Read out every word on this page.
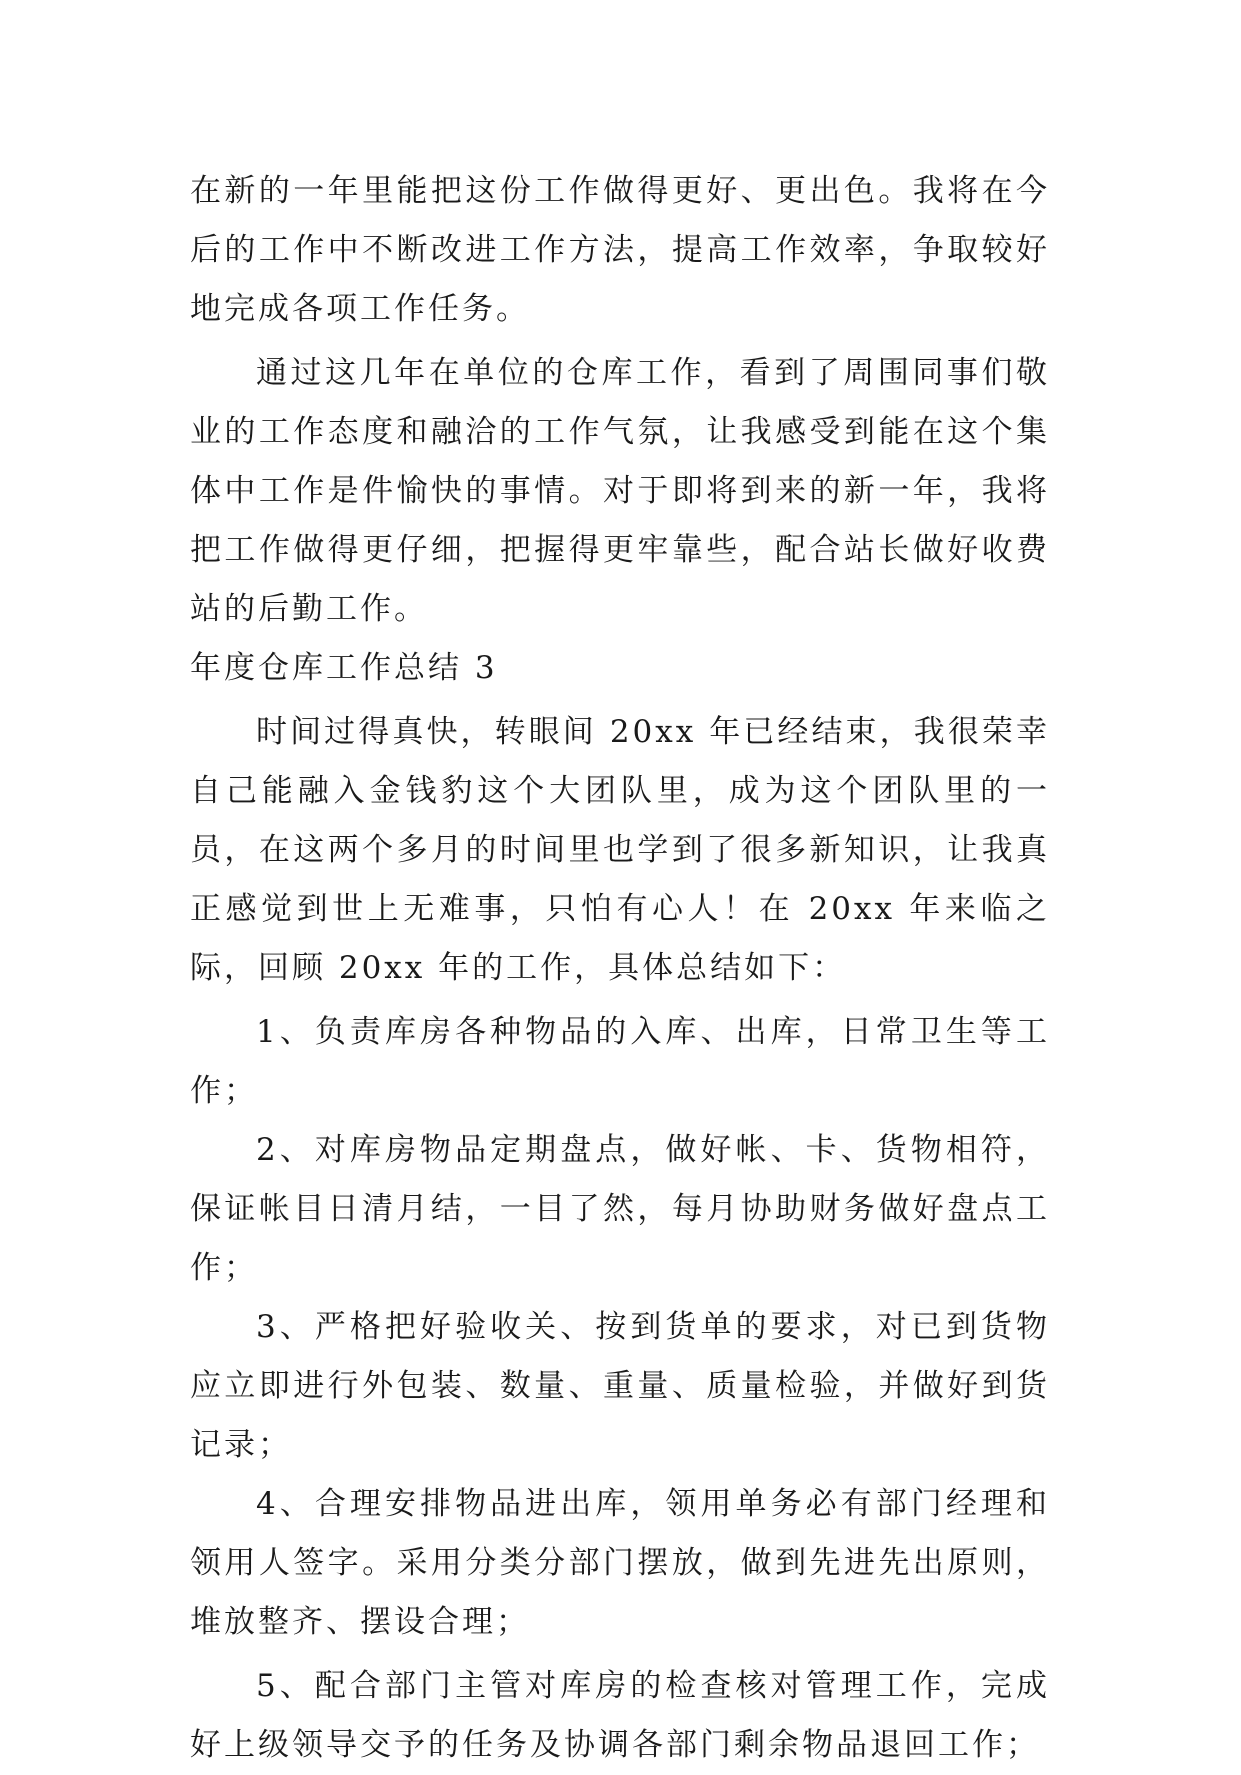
在新的一年里能把这份工作做得更好、更出色。我将在今后的工作中不断改进工作方法，提高工作效率，争取较好地完成各项工作任务。

通过这几年在单位的仓库工作，看到了周围同事们敬业的工作态度和融洽的工作气氛，让我感受到能在这个集体中工作是件愉快的事情。对于即将到来的新一年，我将把工作做得更仔细，把握得更牢靠些，配合站长做好收费站的后勤工作。

年度仓库工作总结 3

时间过得真快，转眼间 20xx 年已经结束，我很荣幸自己能融入金钱豹这个大团队里，成为这个团队里的一员，在这两个多月的时间里也学到了很多新知识，让我真正感觉到世上无难事，只怕有心人！在 20xx 年来临之际，回顾 20xx 年的工作，具体总结如下：

1、负责库房各种物品的入库、出库，日常卫生等工作；

2、对库房物品定期盘点，做好帐、卡、货物相符，保证帐目日清月结，一目了然，每月协助财务做好盘点工作；

3、严格把好验收关、按到货单的要求，对已到货物应立即进行外包装、数量、重量、质量检验，并做好到货记录；

4、合理安排物品进出库，领用单务必有部门经理和领用人签字。采用分类分部门摆放，做到先进先出原则，堆放整齐、摆设合理；

5、配合部门主管对库房的检查核对管理工作，完成好上级领导交予的任务及协调各部门剩余物品退回工作；
